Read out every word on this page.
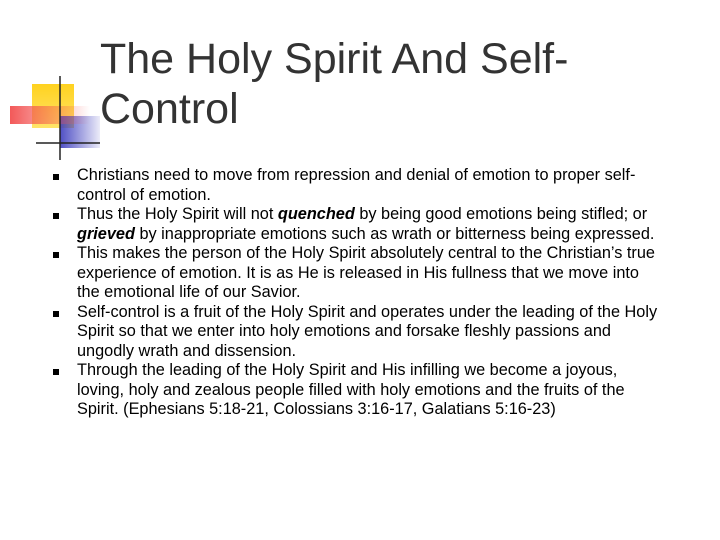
The Holy Spirit And Self-
Control
Christians need to move from repression and denial of emotion to proper self-control of emotion.
Thus the Holy Spirit will not quenched by being good emotions being stifled; or grieved by inappropriate emotions such as wrath or bitterness being expressed.
This makes the person of the Holy Spirit absolutely central to the Christian’s true experience of emotion. It is as He is released in His fullness that we move into the emotional life of our Savior.
Self-control is a fruit of the Holy Spirit and operates under the leading of the Holy Spirit so that we enter into holy emotions and forsake fleshly passions and ungodly wrath and dissension.
Through the leading of the Holy Spirit and His infilling we become a joyous, loving, holy and zealous people filled with holy emotions and the fruits of the Spirit. (Ephesians 5:18-21, Colossians 3:16-17, Galatians 5:16-23)
